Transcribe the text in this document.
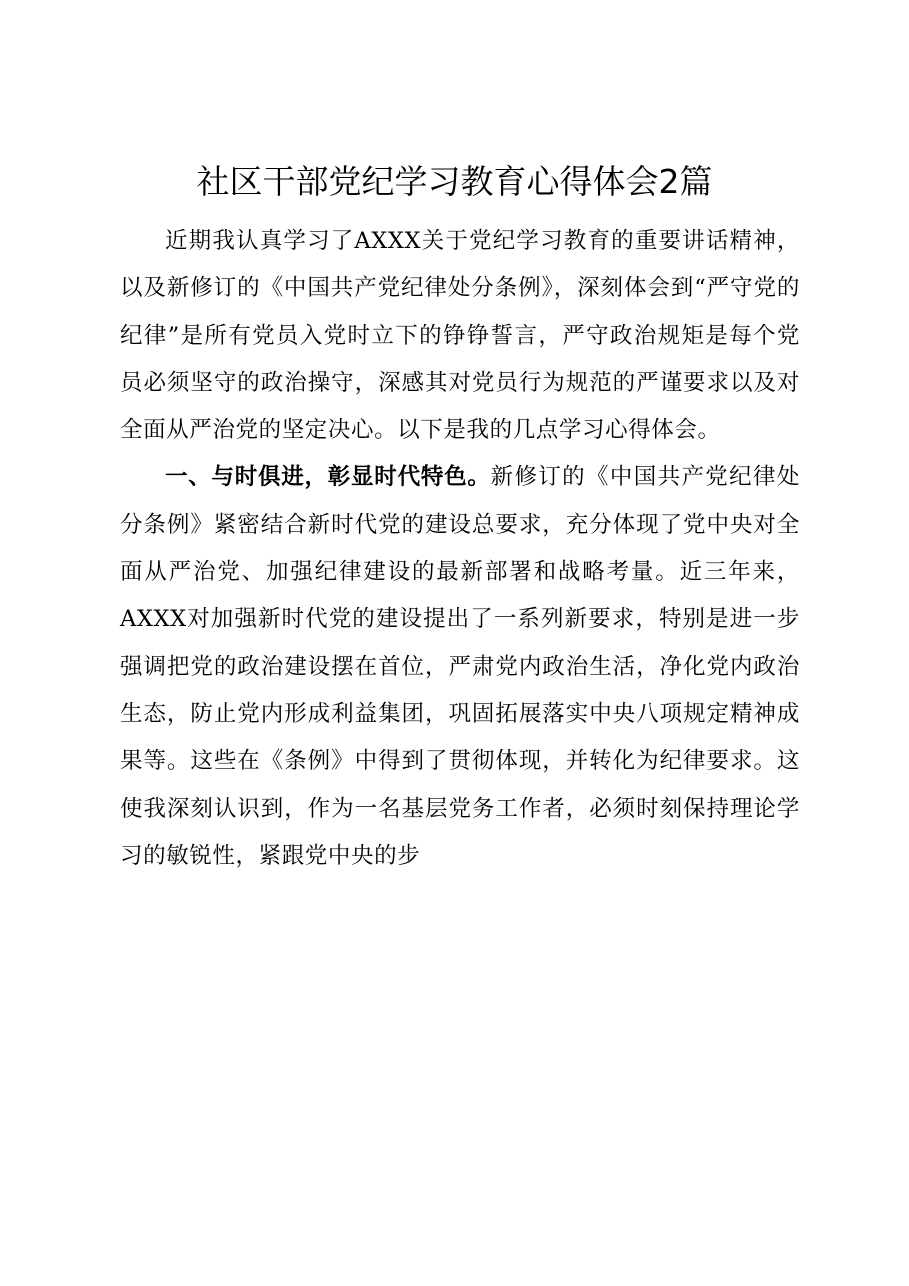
社区干部党纪学习教育心得体会2篇

近期我认真学习了AXXX关于党纪学习教育的重要讲话精神，以及新修订的《中国共产党纪律处分条例》，深刻体会到“严守党的纪律”是所有党员入党时立下的铮铮誓言，严守政治规矩是每个党员必须坚守的政治操守，深感其对党员行为规范的严谨要求以及对全面从严治党的坚定决心。以下是我的几点学习心得体会。

一、与时俱进，彰显时代特色。新修订的《中国共产党纪律处分条例》紧密结合新时代党的建设总要求，充分体现了党中央对全面从严治党、加强纪律建设的最新部署和战略考量。近三年来，AXXX对加强新时代党的建设提出了一系列新要求，特别是进一步强调把党的政治建设摆在首位，严肃党内政治生活，净化党内政治生态，防止党内形成利益集团，巩固拓展落实中央八项规定精神成果等。这些在《条例》中得到了贯彻体现，并转化为纪律要求。这使我深刻认识到，作为一名基层党务工作者，必须时刻保持理论学习的敏锐性，紧跟党中央的步
